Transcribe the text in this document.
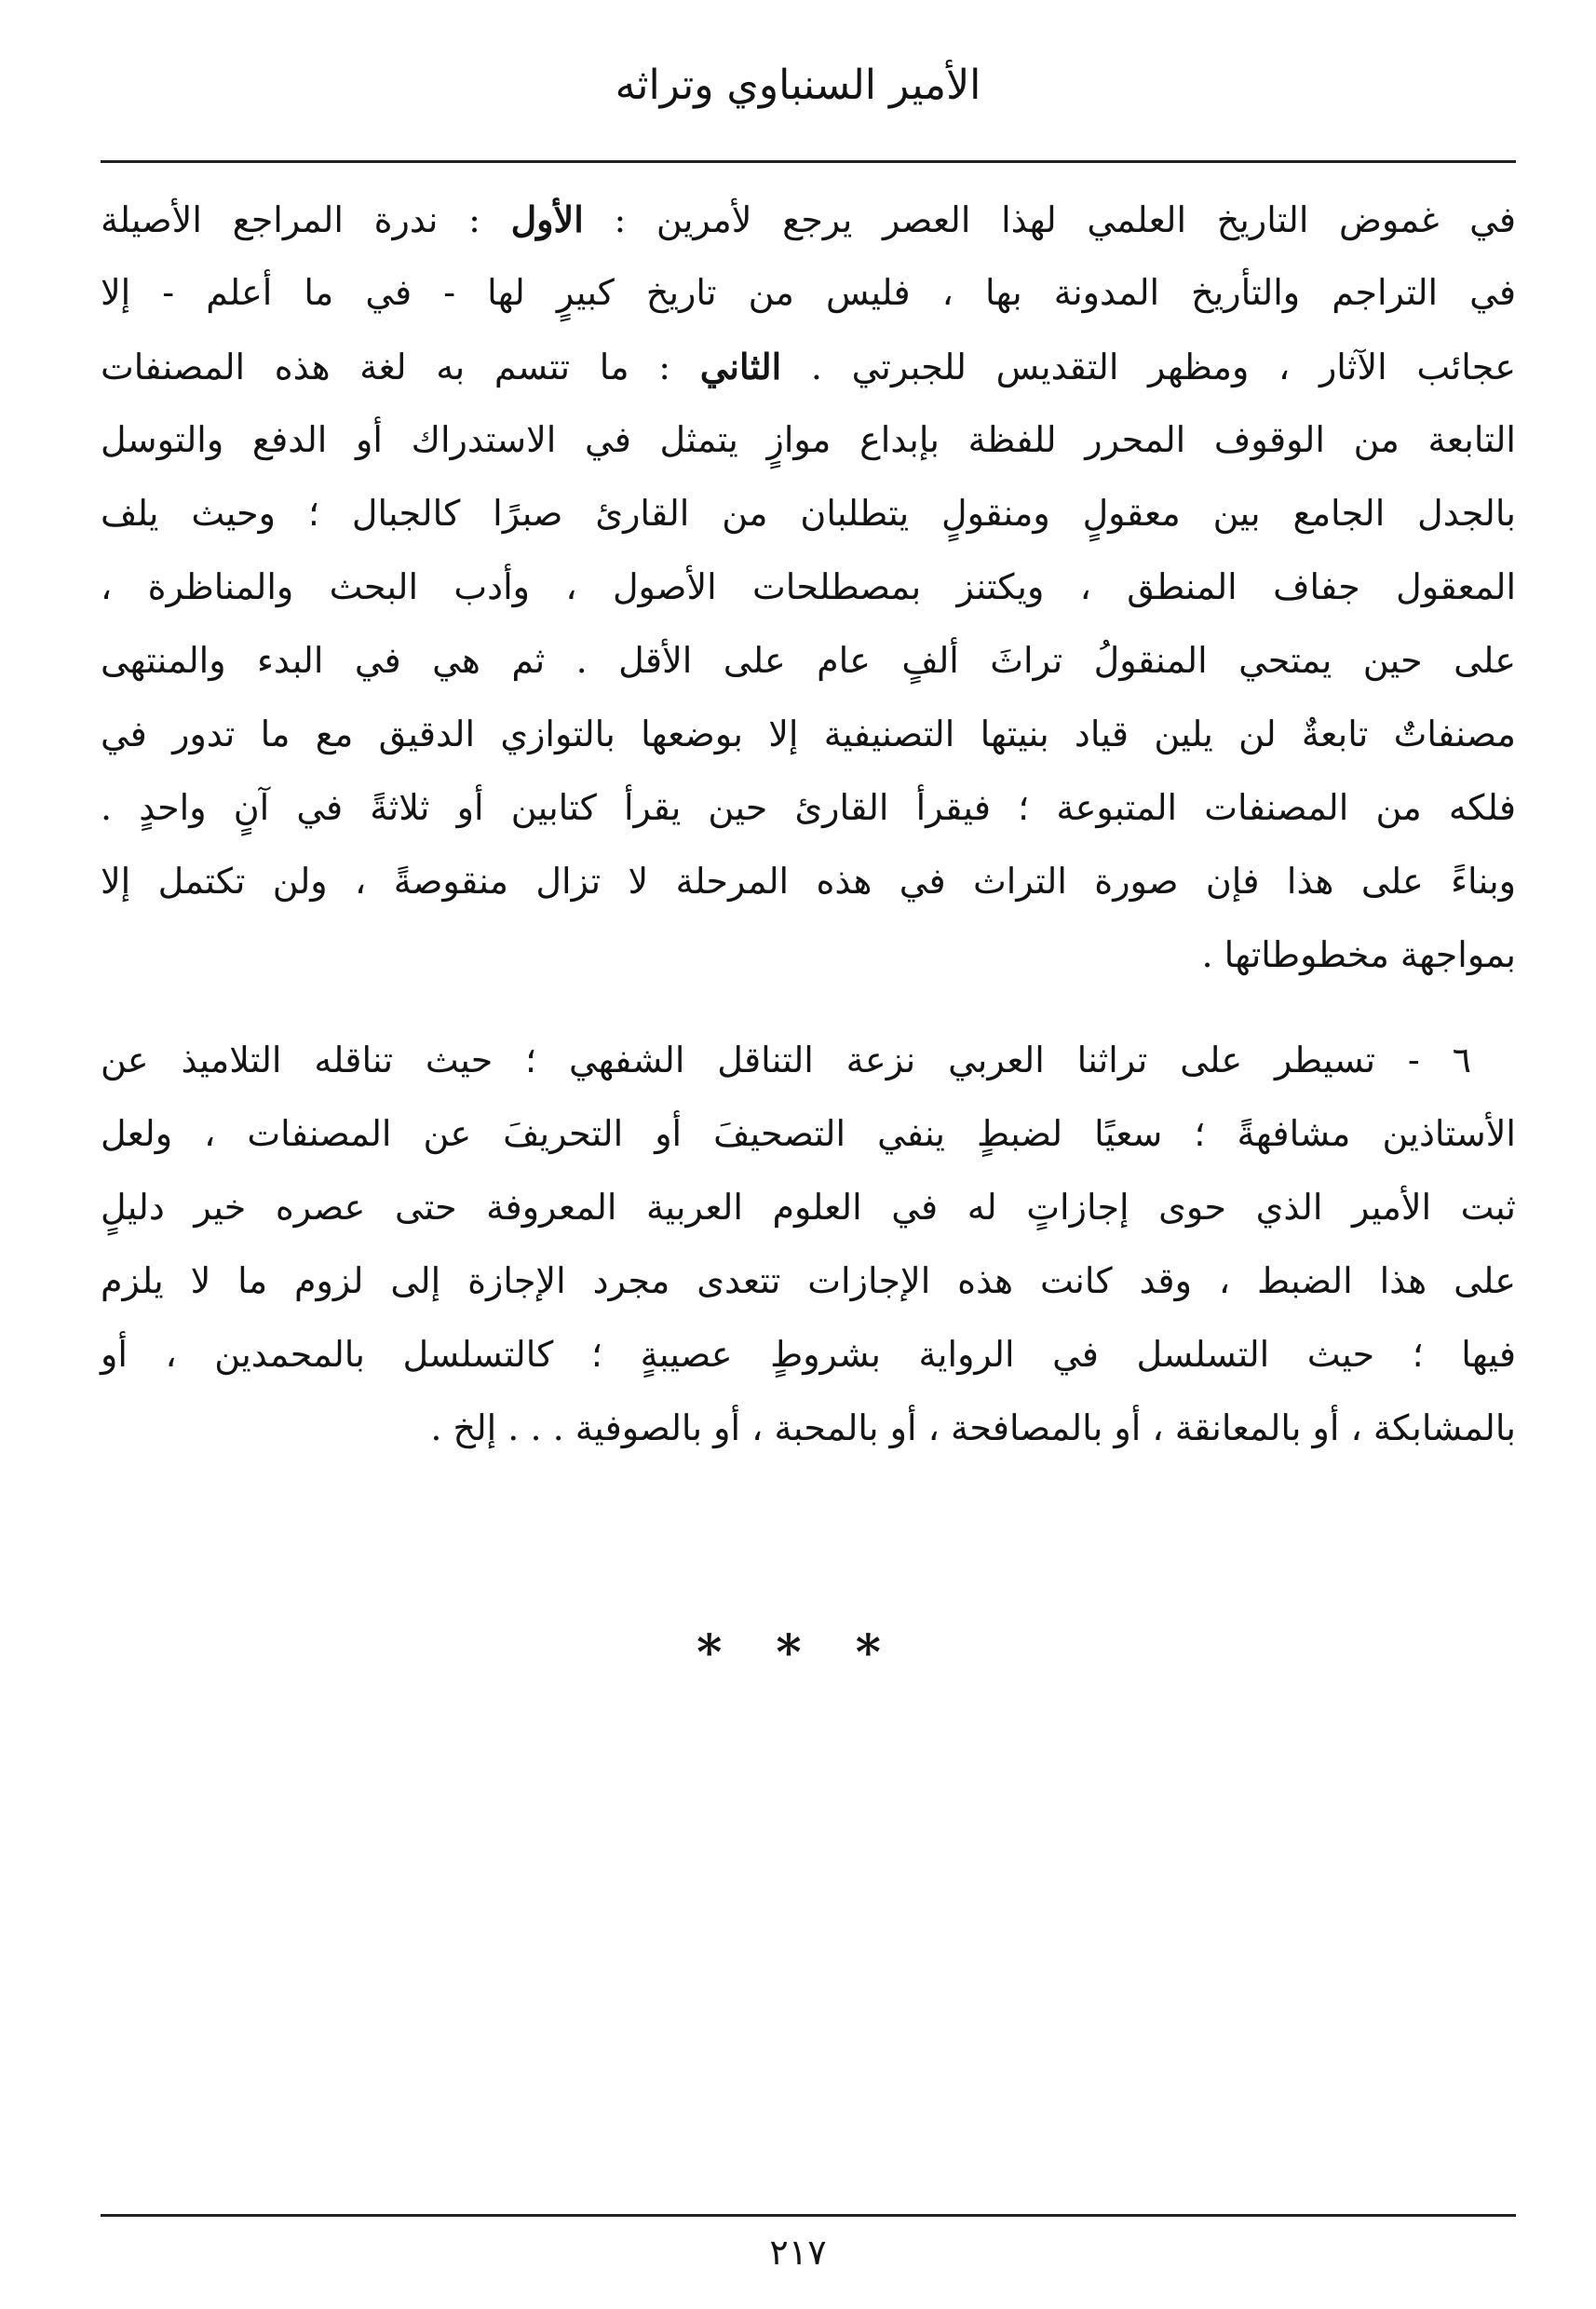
الأمير السنباوي وتراثه
في غموض التاريخ العلمي لهذا العصر يرجع لأمرين : الأول : ندرة المراجع الأصيلة
في التراجم والتأريخ المدونة بها ، فليس من تاريخ كبيرٍ لها - في ما أعلم - إلا
عجائب الآثار ، ومظهر التقديس للجبرتي . الثاني : ما تتسم به لغة هذه المصنفات
التابعة من الوقوف المحرر للفظة بإبداع موازٍ يتمثل في الاستدراك أو الدفع والتوسل
بالجدل الجامع بين معقولٍ ومنقولٍ يتطلبان من القارئ صبرًا كالجبال ؛ وحيث يلف
المعقول جفاف المنطق ، ويكتنز بمصطلحات الأصول ، وأدب البحث والمناظرة ،
على حين يمتحي المنقولُ تراثَ ألفٍ عام على الأقل . ثم هي في البدء والمنتهى
مصنفاتٌ تابعةٌ لن يلين قياد بنيتها التصنيفية إلا بوضعها بالتوازي الدقيق مع ما تدور في
فلكه من المصنفات المتبوعة ؛ فيقرأ القارئ حين يقرأ كتابين أو ثلاثةً في آنٍ واحدٍ .
وبناءً على هذا فإن صورة التراث في هذه المرحلة لا تزال منقوصةً ، ولن تكتمل إلا
بمواجهة مخطوطاتها .
٦ - تسيطر على تراثنا العربي نزعة التناقل الشفهي ؛ حيث تناقله التلاميذ عن
الأستاذين مشافهةً ؛ سعيًا لضبطٍ ينفي التصحيفَ أو التحريفَ عن المصنفات ، ولعل
ثبت الأمير الذي حوى إجازاتٍ له في العلوم العربية المعروفة حتى عصره خير دليلٍ
على هذا الضبط ، وقد كانت هذه الإجازات تتعدى مجرد الإجازة إلى لزوم ما لا يلزم
فيها ؛ حيث التسلسل في الرواية بشروطٍ عصيبةٍ ؛ كالتسلسل بالمحمدين ، أو
بالمشابكة ، أو بالمعانقة ، أو بالمصافحة ، أو بالمحبة ، أو بالصوفية . . . إلخ .
* * *
٢١٧
